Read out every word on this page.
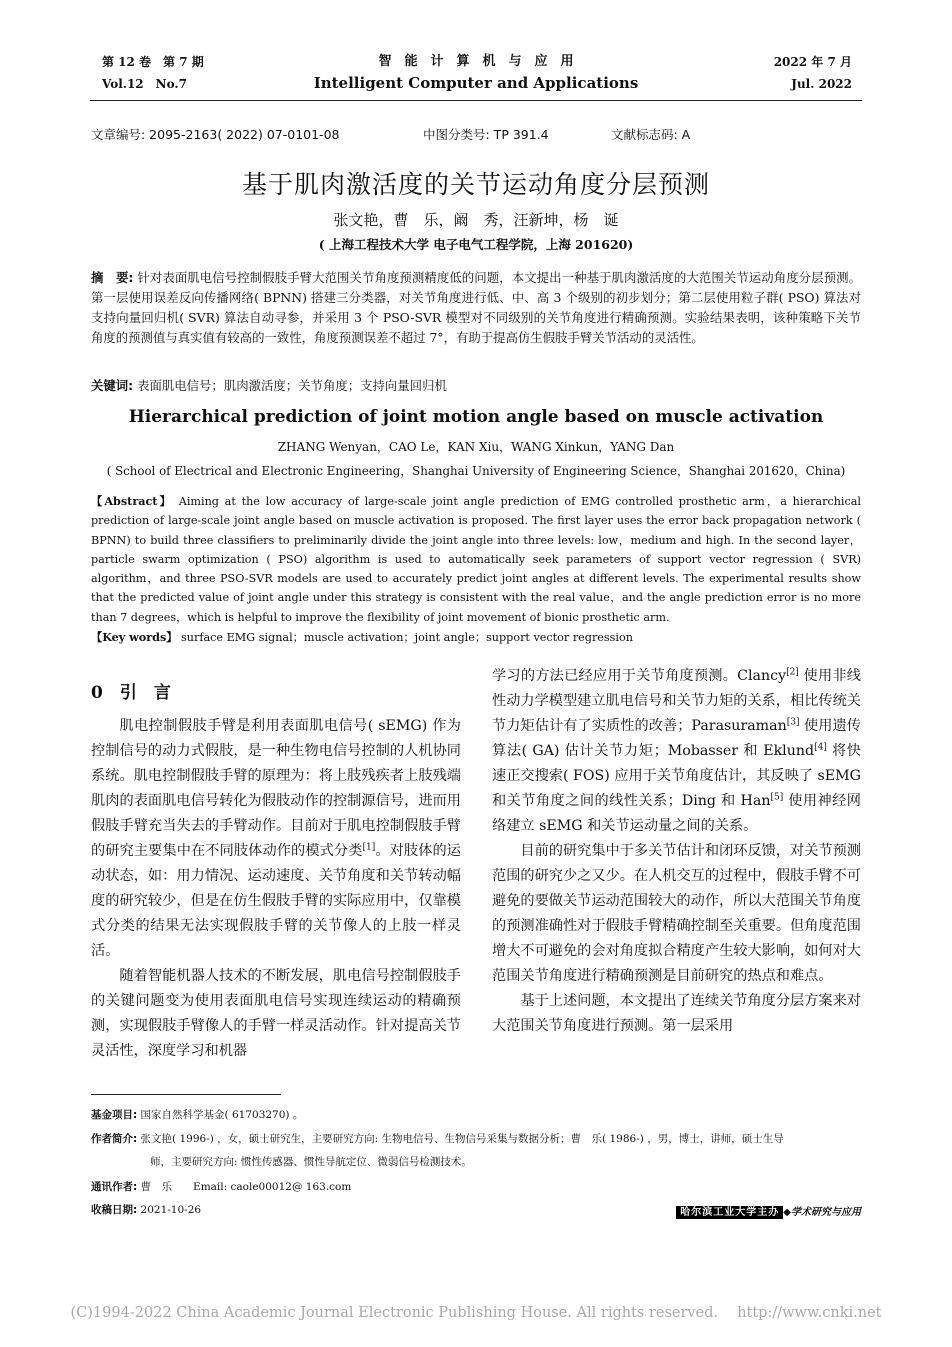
第 12 卷　第 7 期
Vol.12　No.7
智　能　计　算　机　与　应　用
Intelligent Computer and Applications
2022 年 7 月
Jul. 2022
文章编号: 2095-2163( 2022) 07-0101-08	中图分类号: TP 391.4	文献标志码: A
基于肌肉激活度的关节运动角度分层预测
张文艳，曹　乐，阚　秀，汪新坤，杨　诞
( 上海工程技术大学 电子电气工程学院，上海 201620)
摘　要: 针对表面肌电信号控制假肢手臂大范围关节角度预测精度低的问题，本文提出一种基于肌肉激活度的大范围关节运动角度分层预测。第一层使用误差反向传播网络( BPNN) 搭建三分类器，对关节角度进行低、中、高 3 个级别的初步划分；第二层使用粒子群( PSO) 算法对支持向量回归机( SVR) 算法自动寻参，并采用 3 个 PSO-SVR 模型对不同级别的关节角度进行精确预测。实验结果表明，该种策略下关节角度的预测值与真实值有较高的一致性，角度预测误差不超过 7°，有助于提高仿生假肢手臂关节活动的灵活性。
关键词: 表面肌电信号；肌肉激活度；关节角度；支持向量回归机
Hierarchical prediction of joint motion angle based on muscle activation
ZHANG Wenyan，CAO Le，KAN Xiu，WANG Xinkun，YANG Dan
( School of Electrical and Electronic Engineering，Shanghai University of Engineering Science，Shanghai 201620，China)
【Abstract】 Aiming at the low accuracy of large-scale joint angle prediction of EMG controlled prosthetic arm，a hierarchical prediction of large-scale joint angle based on muscle activation is proposed. The first layer uses the error back propagation network ( BPNN) to build three classifiers to preliminarily divide the joint angle into three levels: low，medium and high. In the second layer，particle swarm optimization ( PSO) algorithm is used to automatically seek parameters of support vector regression ( SVR) algorithm，and three PSO-SVR models are used to accurately predict joint angles at different levels. The experimental results show that the predicted value of joint angle under this strategy is consistent with the real value，and the angle prediction error is no more than 7 degrees，which is helpful to improve the flexibility of joint movement of bionic prosthetic arm.
【Key words】 surface EMG signal；muscle activation；joint angle；support vector regression
0　引　言

肌电控制假肢手臂是利用表面肌电信号( sEMG) 作为控制信号的动力式假肢，是一种生物电信号控制的人机协同系统。肌电控制假肢手臂的原理为：将上肢残疾者上肢残端肌肉的表面肌电信号转化为假肢动作的控制源信号，进而用假肢手臂充当失去的手臂动作。目前对于肌电控制假肢手臂的研究主要集中在不同肢体动作的模式分类[1]。对肢体的运动状态，如：用力情况、运动速度、关节角度和关节转动幅度的研究较少，但是在仿生假肢手臂的实际应用中，仅靠模式分类的结果无法实现假肢手臂的关节像人的上肢一样灵活。

随着智能机器人技术的不断发展，肌电信号控制假肢手的关键问题变为使用表面肌电信号实现连续运动的精确预测，实现假肢手臂像人的手臂一样灵活动作。针对提高关节灵活性，深度学习和机器

学习的方法已经应用于关节角度预测。Clancy[2] 使用非线性动力学模型建立肌电信号和关节力矩的关系，相比传统关节力矩估计有了实质性的改善；Parasuraman[3] 使用遗传算法( GA) 估计关节力矩；Mobasser 和 Eklund[4] 将快速正交搜索( FOS) 应用于关节角度估计，其反映了 sEMG 和关节角度之间的线性关系；Ding 和 Han[5] 使用神经网络建立 sEMG 和关节运动量之间的关系。

目前的研究集中于多关节估计和闭环反馈，对关节预测范围的研究少之又少。在人机交互的过程中，假肢手臂不可避免的要做关节运动范围较大的动作，所以大范围关节角度的预测准确性对于假肢手臂精确控制至关重要。但角度范围增大不可避免的会对角度拟合精度产生较大影响，如何对大范围关节角度进行精确预测是目前研究的热点和难点。

基于上述问题，本文提出了连续关节角度分层方案来对大范围关节角度进行预测。第一层采用

基金项目: 国家自然科学基金( 61703270) 。
作者简介: 张文艳( 1996-) ，女，硕士研究生，主要研究方向: 生物电信号、生物信号采集与数据分析；曹　乐( 1986-) ，男，博士，讲师，硕士生导
师，主要研究方向: 惯性传感器、惯性导航定位、微弱信号检测技术。
通讯作者: 曹　乐　　Email: caole00012@ 163.com
收稿日期: 2021-10-26	哈尔滨工业大学主办 ◆学术研究与应用
(C)1994-2022 China Academic Journal Electronic Publishing House. All rights reserved.　 http://www.cnki.net
